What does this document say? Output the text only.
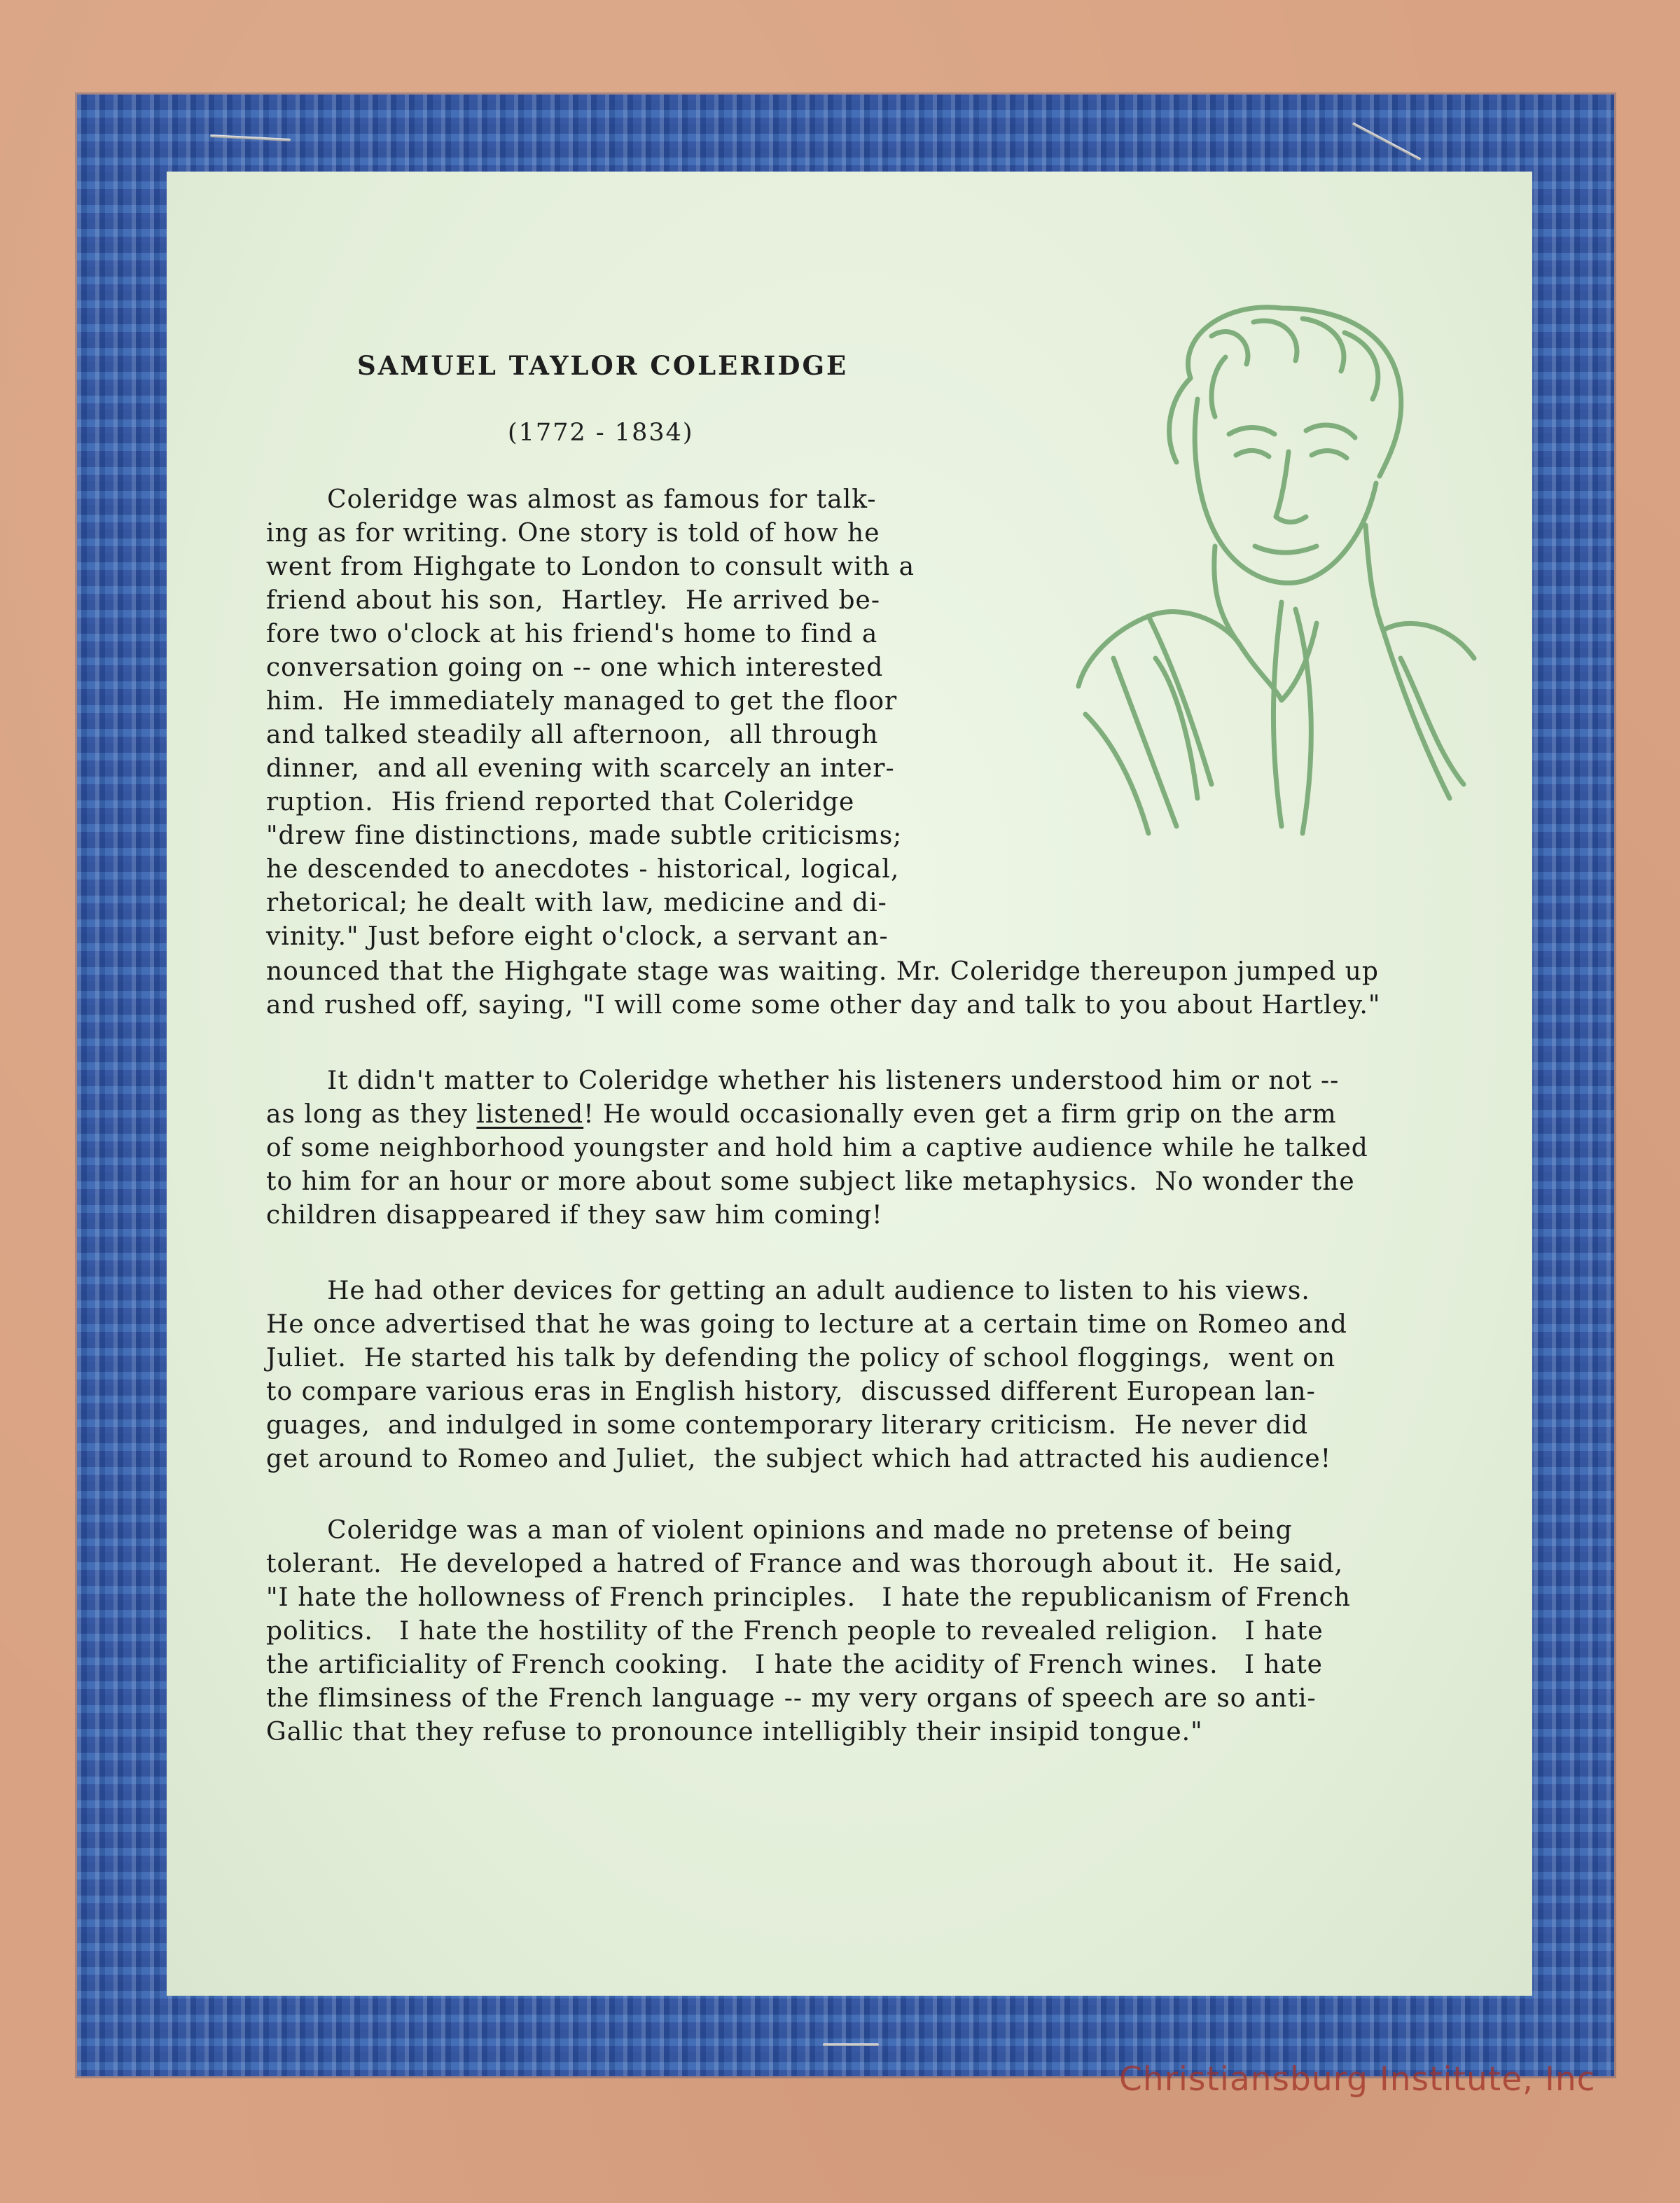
SAMUEL TAYLOR COLERIDGE

(1772 - 1834)

Coleridge was almost as famous for talk-

ing as for writing. One story is told of how he

went from Highgate to London to consult with a

friend about his son,  Hartley.  He arrived be-

fore two o'clock at his friend's home to find a

conversation going on -- one which interested

him.  He immediately managed to get the floor

and talked steadily all afternoon,  all through

dinner,  and all evening with scarcely an inter-

ruption.  His friend reported that Coleridge

"drew fine distinctions, made subtle criticisms;

he descended to anecdotes - historical, logical,

rhetorical; he dealt with law, medicine and di-

vinity." Just before eight o'clock, a servant an-

nounced that the Highgate stage was waiting. Mr. Coleridge thereupon jumped up

and rushed off, saying, "I will come some other day and talk to you about Hartley."

It didn't matter to Coleridge whether his listeners understood him or not --

as long as they listened! He would occasionally even get a firm grip on the arm

of some neighborhood youngster and hold him a captive audience while he talked

to him for an hour or more about some subject like metaphysics.  No wonder the

children disappeared if they saw him coming!

He had other devices for getting an adult audience to listen to his views.

He once advertised that he was going to lecture at a certain time on Romeo and

Juliet.  He started his talk by defending the policy of school floggings,  went on

to compare various eras in English history,  discussed different European lan-

guages,  and indulged in some contemporary literary criticism.  He never did

get around to Romeo and Juliet,  the subject which had attracted his audience!

Coleridge was a man of violent opinions and made no pretense of being

tolerant.  He developed a hatred of France and was thorough about it.  He said,

"I hate the hollowness of French principles.   I hate the republicanism of French

politics.   I hate the hostility of the French people to revealed religion.   I hate

the artificiality of French cooking.   I hate the acidity of French wines.   I hate

the flimsiness of the French language -- my very organs of speech are so anti-

Gallic that they refuse to pronounce intelligibly their insipid tongue."

Christiansburg Institute, Inc
